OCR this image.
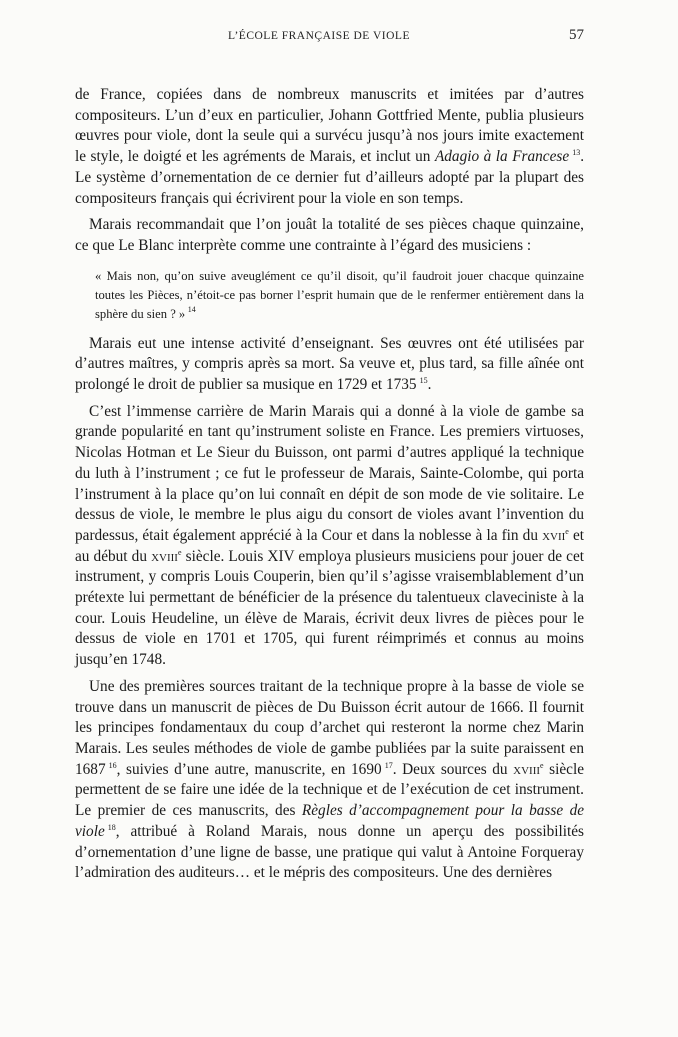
L’ÉCOLE FRANÇAISE DE VIOLE	57

de France, copiées dans de nombreux manuscrits et imitées par d’autres compositeurs. L’un d’eux en particulier, Johann Gottfried Mente, publia plusieurs œuvres pour viole, dont la seule qui a survécu jusqu’à nos jours imite exactement le style, le doigté et les agréments de Marais, et inclut un Adagio à la Francese  $^{13}$. Le système d’ornementation de ce dernier fut d’ailleurs adopté par la plupart des compositeurs français qui écrivirent pour la viole en son temps.

Marais recommandait que l’on jouât la totalité de ses pièces chaque quinzaine, ce que Le Blanc interprète comme une contrainte à l’égard des musiciens :

« Mais non, qu’on suive aveuglément ce qu’il disoit, qu’il faudroit jouer chacque quinzaine toutes les Pièces, n’étoit-ce pas borner l’esprit humain que de le renfermer entièrement dans la sphère du sien ? »  $^{14}$

Marais eut une intense activité d’enseignant. Ses œuvres ont été utilisées par d’autres maîtres, y compris après sa mort. Sa veuve et, plus tard, sa fille aînée ont prolongé le droit de publier sa musique en 1729 et 1735  $^{15}$.

C’est l’immense carrière de Marin Marais qui a donné à la viole de gambe sa grande popularité en tant qu’instrument soliste en France. Les premiers virtuoses, Nicolas Hotman et Le Sieur du Buisson, ont parmi d’autres appliqué la technique du luth à l’instrument ; ce fut le professeur de Marais, Sainte-Colombe, qui porta l’instrument à la place qu’on lui connaît en dépit de son mode de vie solitaire. Le dessus de viole, le membre le plus aigu du consort de violes avant l’invention du pardessus, était également apprécié à la Cour et dans la noblesse à la fin du xvii$^e$ et au début du xviii$^e$ siècle. Louis XIV employa plusieurs musiciens pour jouer de cet instrument, y compris Louis Couperin, bien qu’il s’agisse vraisemblablement d’un prétexte lui permettant de bénéficier de la présence du talentueux claveciniste à la cour. Louis Heudeline, un élève de Marais, écrivit deux livres de pièces pour le dessus de viole en 1701 et 1705, qui furent réimprimés et connus au moins jusqu’en 1748.

Une des premières sources traitant de la technique propre à la basse de viole se trouve dans un manuscrit de pièces de Du Buisson écrit autour de 1666. Il fournit les principes fondamentaux du coup d’archet qui resteront la norme chez Marin Marais. Les seules méthodes de viole de gambe publiées par la suite paraissent en 1687  $^{16}$, suivies d’une autre, manuscrite, en 1690  $^{17}$. Deux sources du xviii$^e$ siècle permettent de se faire une idée de la technique et de l’exécution de cet instrument. Le premier de ces manuscrits, des Règles d’accompagnement pour la basse de viole  $^{18}$, attribué à Roland Marais, nous donne un aperçu des possibilités d’ornementation d’une ligne de basse, une pratique qui valut à Antoine Forqueray l’admiration des auditeurs… et le mépris des compositeurs. Une des dernières
